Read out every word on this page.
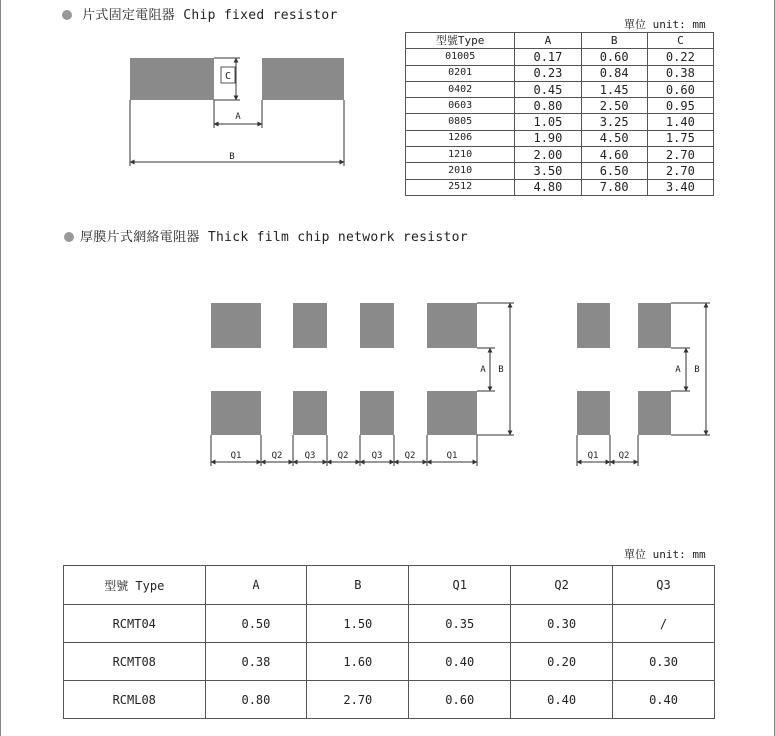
片式固定電阻器 Chip fixed resistor
單位 unit: mm
型號Type	A	B	C
01005	0.17	0.60	0.22
0201	0.23	0.84	0.38
0402	0.45	1.45	0.60
0603	0.80	2.50	0.95
0805	1.05	3.25	1.40
1206	1.90	4.50	1.75
1210	2.00	4.60	2.70
2010	3.50	6.50	2.70
2512	4.80	7.80	3.40
厚膜片式網絡電阻器 Thick film chip network resistor
單位 unit: mm
型號 Type	A	B	Q1	Q2	Q3
RCMT04	0.50	1.50	0.35	0.30	/
RCMT08	0.38	1.60	0.40	0.20	0.30
RCML08	0.80	2.70	0.60	0.40	0.40
C
A
B
A B
Q1	Q2 Q3 Q2	Q3 Q2	Q1
A B
Q1 Q2
